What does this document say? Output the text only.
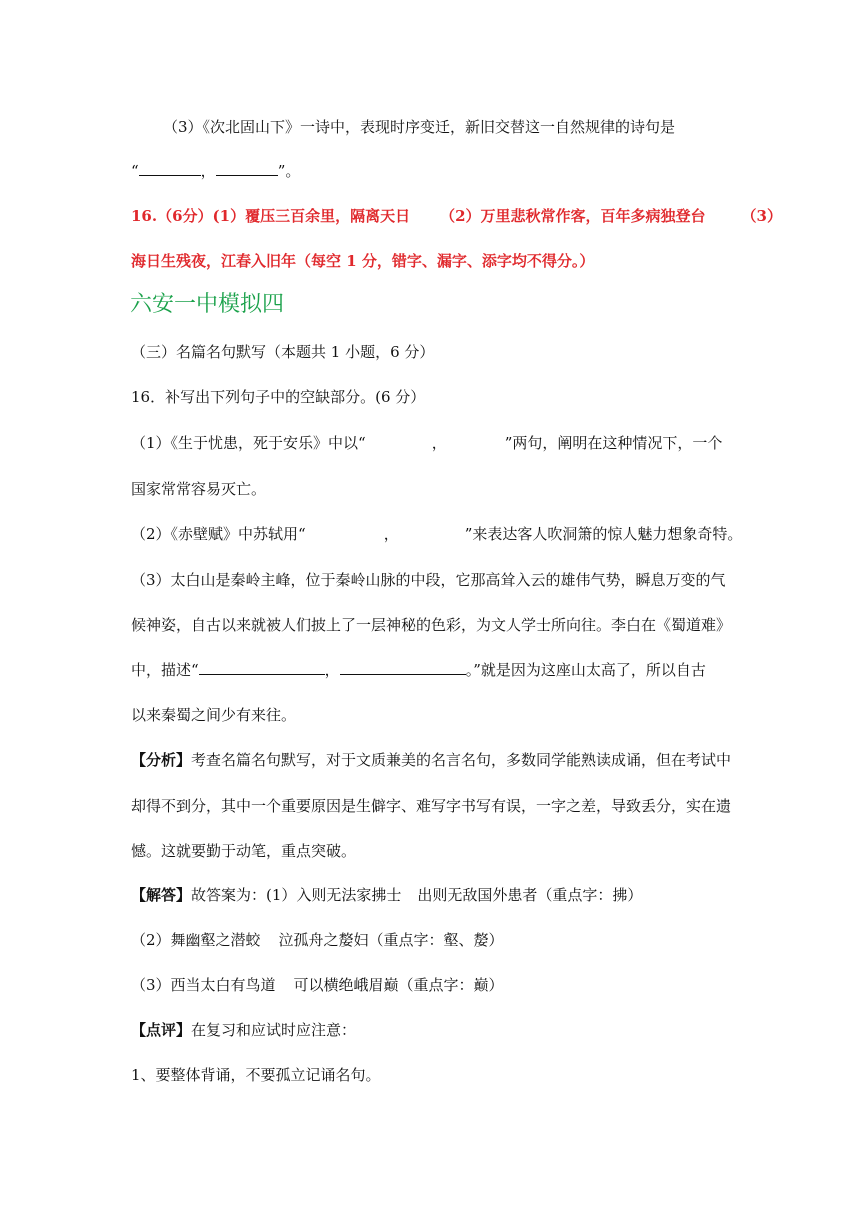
（3）《次北固山下》一诗中，表现时序变迁，新旧交替这一自然规律的诗句是
“	，	”。
16.（6分）(1）覆压三百余里，隔离天日 （2）万里悲秋常作客，百年多病独登台 （3）
海日生残夜，江春入旧年（每空 1 分，错字、漏字、添字均不得分。）
六安一中模拟四
（三）名篇名句默写（本题共 1 小题，6 分）
16．补写出下列句子中的空缺部分。(6 分）
（1）《生于忧患，死于安乐》中以“	，	”两句，阐明在这种情况下，一个
国家常常容易灭亡。
（2）《赤壁赋》中苏轼用“	，	”来表达客人吹洞箫的惊人魅力想象奇特。
（3）太白山是秦岭主峰，位于秦岭山脉的中段，它那高耸入云的雄伟气势，瞬息万变的气
候神姿，自古以来就被人们披上了一层神秘的色彩，为文人学士所向往。李白在《蜀道难》
中，描述“	，	。”就是因为这座山太高了，所以自古
以来秦蜀之间少有来往。
【分析】考查名篇名句默写，对于文质兼美的名言名句，多数同学能熟读成诵，但在考试中
却得不到分，其中一个重要原因是生僻字、难写字书写有误，一字之差，导致丢分，实在遗
憾。这就要勤于动笔，重点突破。
【解答】故答案为：(1）入则无法家拂士 出则无敌国外患者（重点字：拂）
（2）舞幽壑之潜蛟 泣孤舟之嫠妇（重点字：壑、嫠）
（3）西当太白有鸟道 可以横绝峨眉巅（重点字：巅）
【点评】在复习和应试时应注意：
1、要整体背诵，不要孤立记诵名句。
